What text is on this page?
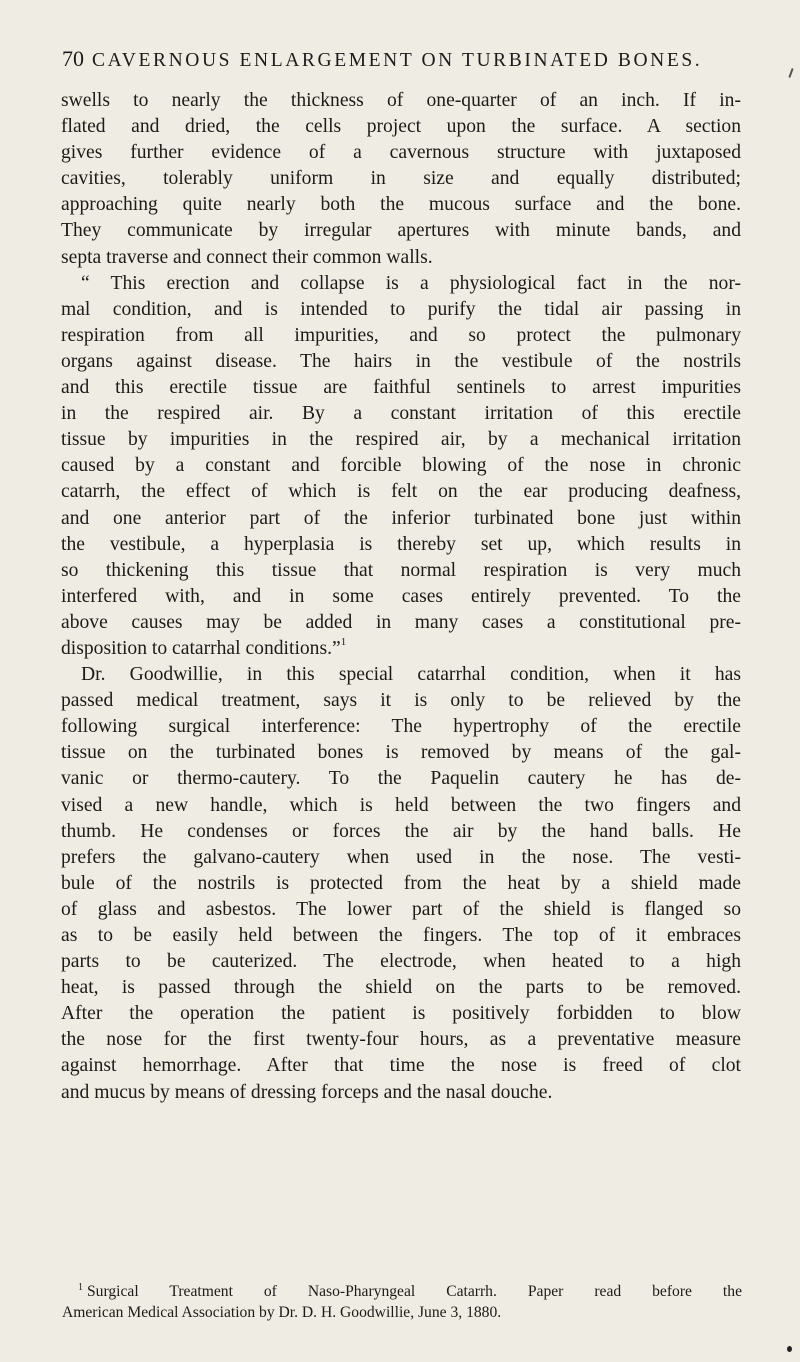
70 CAVERNOUS ENLARGEMENT ON TURBINATED BONES.
swells to nearly the thickness of one-quarter of an inch. If in-
flated and dried, the cells project upon the surface. A section
gives further evidence of a cavernous structure with juxtaposed
cavities, tolerably uniform in size and equally distributed;
approaching quite nearly both the mucous surface and the bone.
They communicate by irregular apertures with minute bands, and
septa traverse and connect their common walls.
“ This erection and collapse is a physiological fact in the nor-
mal condition, and is intended to purify the tidal air passing in
respiration from all impurities, and so protect the pulmonary
organs against disease. The hairs in the vestibule of the nostrils
and this erectile tissue are faithful sentinels to arrest impurities
in the respired air. By a constant irritation of this erectile
tissue by impurities in the respired air, by a mechanical irritation
caused by a constant and forcible blowing of the nose in chronic
catarrh, the effect of which is felt on the ear producing deafness,
and one anterior part of the inferior turbinated bone just within
the vestibule, a hyperplasia is thereby set up, which results in
so thickening this tissue that normal respiration is very much
interfered with, and in some cases entirely prevented. To the
above causes may be added in many cases a constitutional pre-
disposition to catarrhal conditions.”$^1$
Dr. Goodwillie, in this special catarrhal condition, when it has
passed medical treatment, says it is only to be relieved by the
following surgical interference: The hypertrophy of the erectile
tissue on the turbinated bones is removed by means of the gal-
vanic or thermo-cautery. To the Paquelin cautery he has de-
vised a new handle, which is held between the two fingers and
thumb. He condenses or forces the air by the hand balls. He
prefers the galvano-cautery when used in the nose. The vesti-
bule of the nostrils is protected from the heat by a shield made
of glass and asbestos. The lower part of the shield is flanged so
as to be easily held between the fingers. The top of it embraces
parts to be cauterized. The electrode, when heated to a high
heat, is passed through the shield on the parts to be removed.
After the operation the patient is positively forbidden to blow
the nose for the first twenty-four hours, as a preventative measure
against hemorrhage. After that time the nose is freed of clot
and mucus by means of dressing forceps and the nasal douche.
$^1$ Surgical Treatment of Naso-Pharyngeal Catarrh. Paper read before the
American Medical Association by Dr. D. H. Goodwillie, June 3, 1880.
